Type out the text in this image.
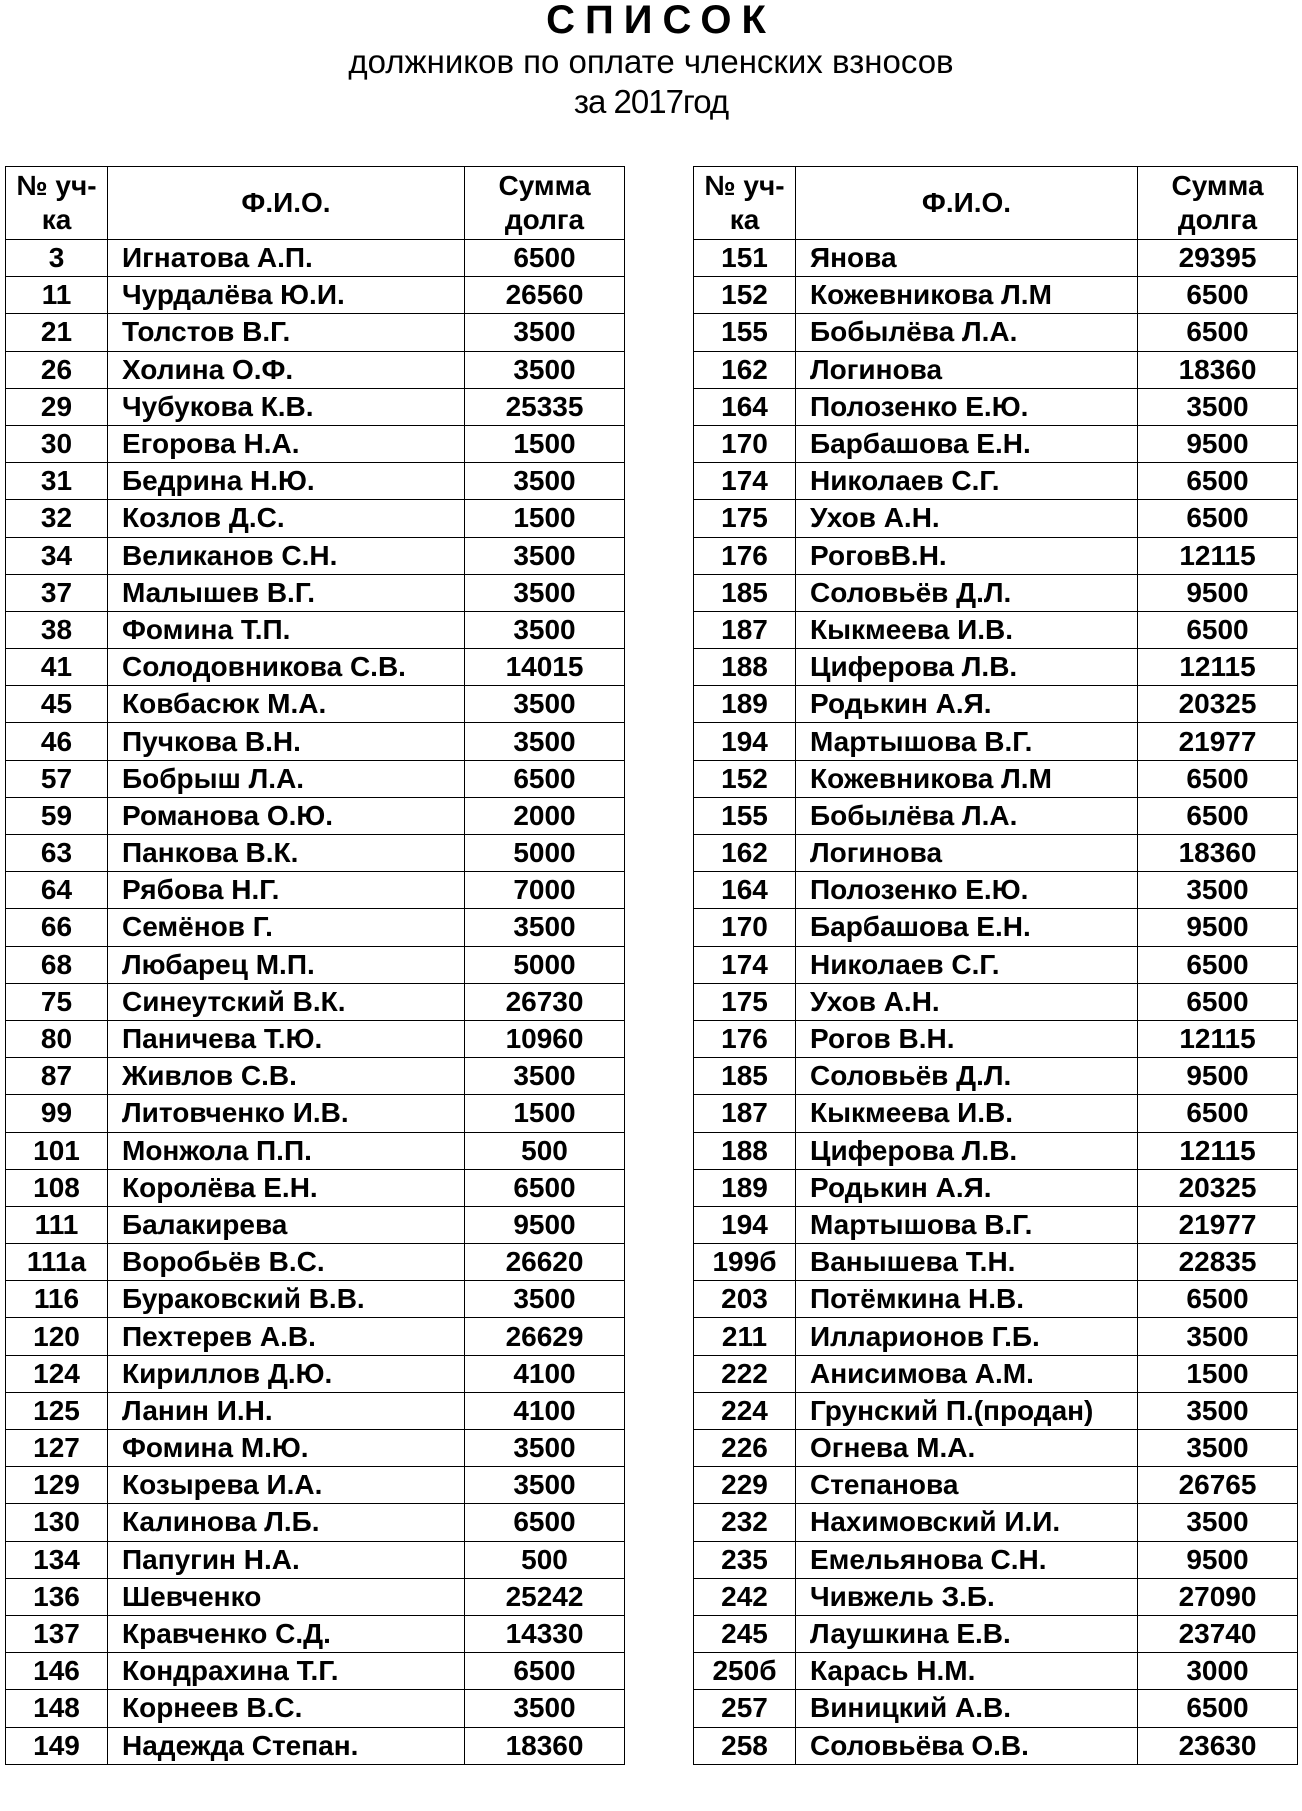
СПИСОК
должников по оплате членских взносов
за 2017год
№ уч-ка	Ф.И.О.	Сумма долга
3	Игнатова А.П.	6500
11	Чурдалёва Ю.И.	26560
21	Толстов В.Г.	3500
26	Холина О.Ф.	3500
29	Чубукова К.В.	25335
30	Егорова Н.А.	1500
31	Бедрина Н.Ю.	3500
32	Козлов Д.С.	1500
34	Великанов С.Н.	3500
37	Малышев В.Г.	3500
38	Фомина Т.П.	3500
41	Солодовникова С.В.	14015
45	Ковбасюк М.А.	3500
46	Пучкова В.Н.	3500
57	Бобрыш Л.А.	6500
59	Романова О.Ю.	2000
63	Панкова В.К.	5000
64	Рябова Н.Г.	7000
66	Семёнов Г.	3500
68	Любарец М.П.	5000
75	Синеутский В.К.	26730
80	Паничева Т.Ю.	10960
87	Живлов С.В.	3500
99	Литовченко И.В.	1500
101	Монжола П.П.	500
108	Королёва Е.Н.	6500
111	Балакирева	9500
111а	Воробьёв В.С.	26620
116	Бураковский В.В.	3500
120	Пехтерев А.В.	26629
124	Кириллов Д.Ю.	4100
125	Ланин И.Н.	4100
127	Фомина М.Ю.	3500
129	Козырева И.А.	3500
130	Калинова Л.Б.	6500
134	Папугин Н.А.	500
136	Шевченко	25242
137	Кравченко С.Д.	14330
146	Кондрахина Т.Г.	6500
148	Корнеев В.С.	3500
149	Надежда Степан.	18360
№ уч-ка	Ф.И.О.	Сумма долга
151	Янова	29395
152	Кожевникова Л.М	6500
155	Бобылёва Л.А.	6500
162	Логинова	18360
164	Полозенко Е.Ю.	3500
170	Барбашова Е.Н.	9500
174	Николаев С.Г.	6500
175	Ухов А.Н.	6500
176	РоговВ.Н.	12115
185	Соловьёв Д.Л.	9500
187	Кыкмеева И.В.	6500
188	Циферова Л.В.	12115
189	Родькин А.Я.	20325
194	Мартышова В.Г.	21977
152	Кожевникова Л.М	6500
155	Бобылёва Л.А.	6500
162	Логинова	18360
164	Полозенко Е.Ю.	3500
170	Барбашова Е.Н.	9500
174	Николаев С.Г.	6500
175	Ухов А.Н.	6500
176	Рогов В.Н.	12115
185	Соловьёв Д.Л.	9500
187	Кыкмеева И.В.	6500
188	Циферова Л.В.	12115
189	Родькин А.Я.	20325
194	Мартышова В.Г.	21977
199б	Ванышева Т.Н.	22835
203	Потёмкина Н.В.	6500
211	Илларионов Г.Б.	3500
222	Анисимова А.М.	1500
224	Грунский П.(продан)	3500
226	Огнева М.А.	3500
229	Степанова	26765
232	Нахимовский И.И.	3500
235	Емельянова С.Н.	9500
242	Чивжель З.Б.	27090
245	Лаушкина Е.В.	23740
250б	Карась Н.М.	3000
257	Виницкий А.В.	6500
258	Соловьёва О.В.	23630
